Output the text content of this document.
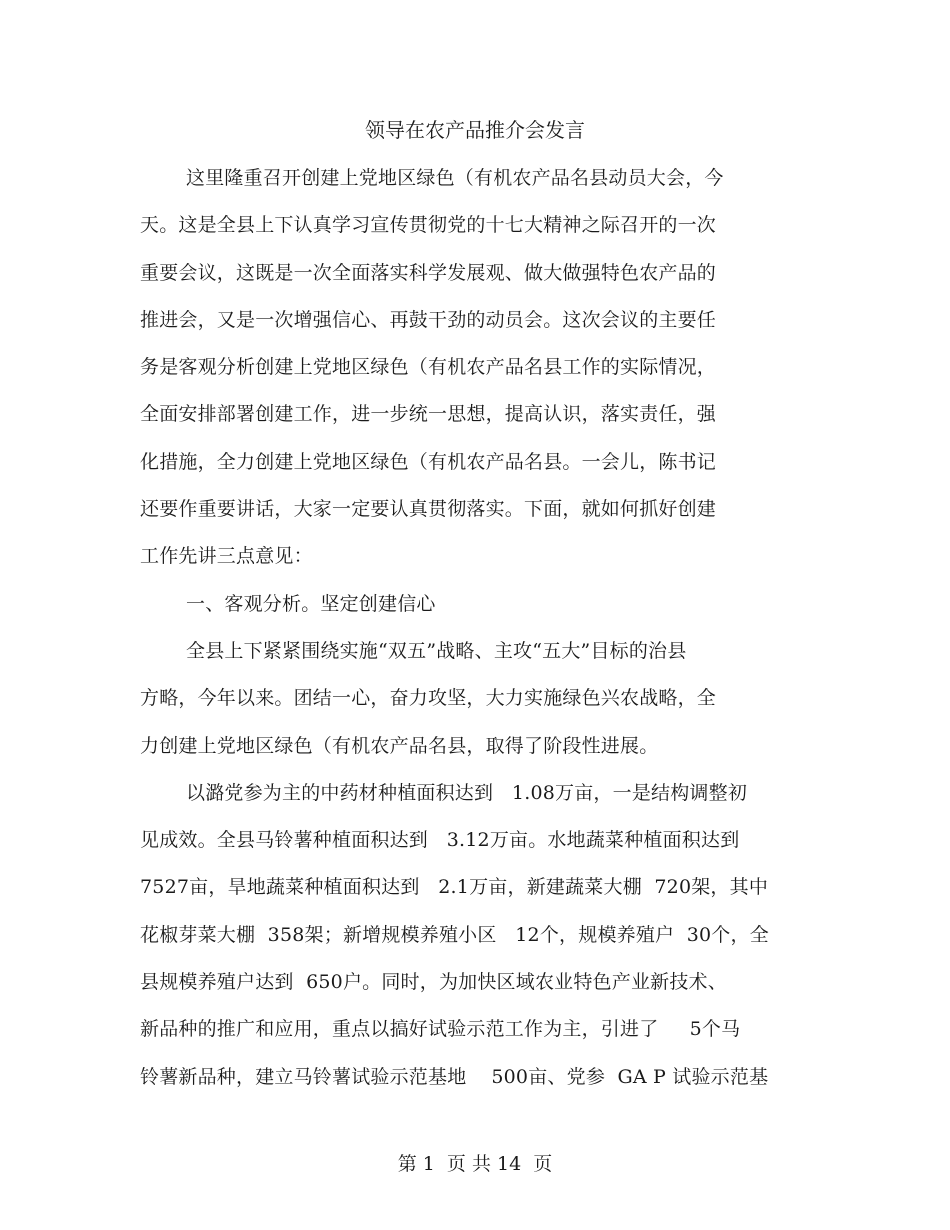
领导在农产品推介会发言
这里隆重召开创建上党地区绿色（有机农产品名县动员大会，今
天。这是全县上下认真学习宣传贯彻党的十七大精神之际召开的一次
重要会议，这既是一次全面落实科学发展观、做大做强特色农产品的
推进会，又是一次增强信心、再鼓干劲的动员会。这次会议的主要任
务是客观分析创建上党地区绿色（有机农产品名县工作的实际情况，
全面安排部署创建工作，进一步统一思想，提高认识，落实责任，强
化措施，全力创建上党地区绿色（有机农产品名县。一会儿，陈书记
还要作重要讲话，大家一定要认真贯彻落实。下面，就如何抓好创建
工作先讲三点意见：
一、客观分析。坚定创建信心
全县上下紧紧围绕实施“双五”战略、主攻“五大”目标的治县
方略，今年以来。团结一心，奋力攻坚，大力实施绿色兴农战略，全
力创建上党地区绿色（有机农产品名县，取得了阶段性进展。
以潞党参为主的中药材种植面积达到   1.08万亩，一是结构调整初
见成效。全县马铃薯种植面积达到   3.12万亩。水地蔬菜种植面积达到
7527亩，旱地蔬菜种植面积达到   2.1万亩，新建蔬菜大棚  720架，其中
花椒芽菜大棚  358架；新增规模养殖小区   12个，规模养殖户  30个，全
县规模养殖户达到  650户。同时，为加快区域农业特色产业新技术、
新品种的推广和应用，重点以搞好试验示范工作为主，引进了     5个马
铃薯新品种，建立马铃薯试验示范基地    500亩、党参  GA P 试验示范基
第 1  页 共 14  页
